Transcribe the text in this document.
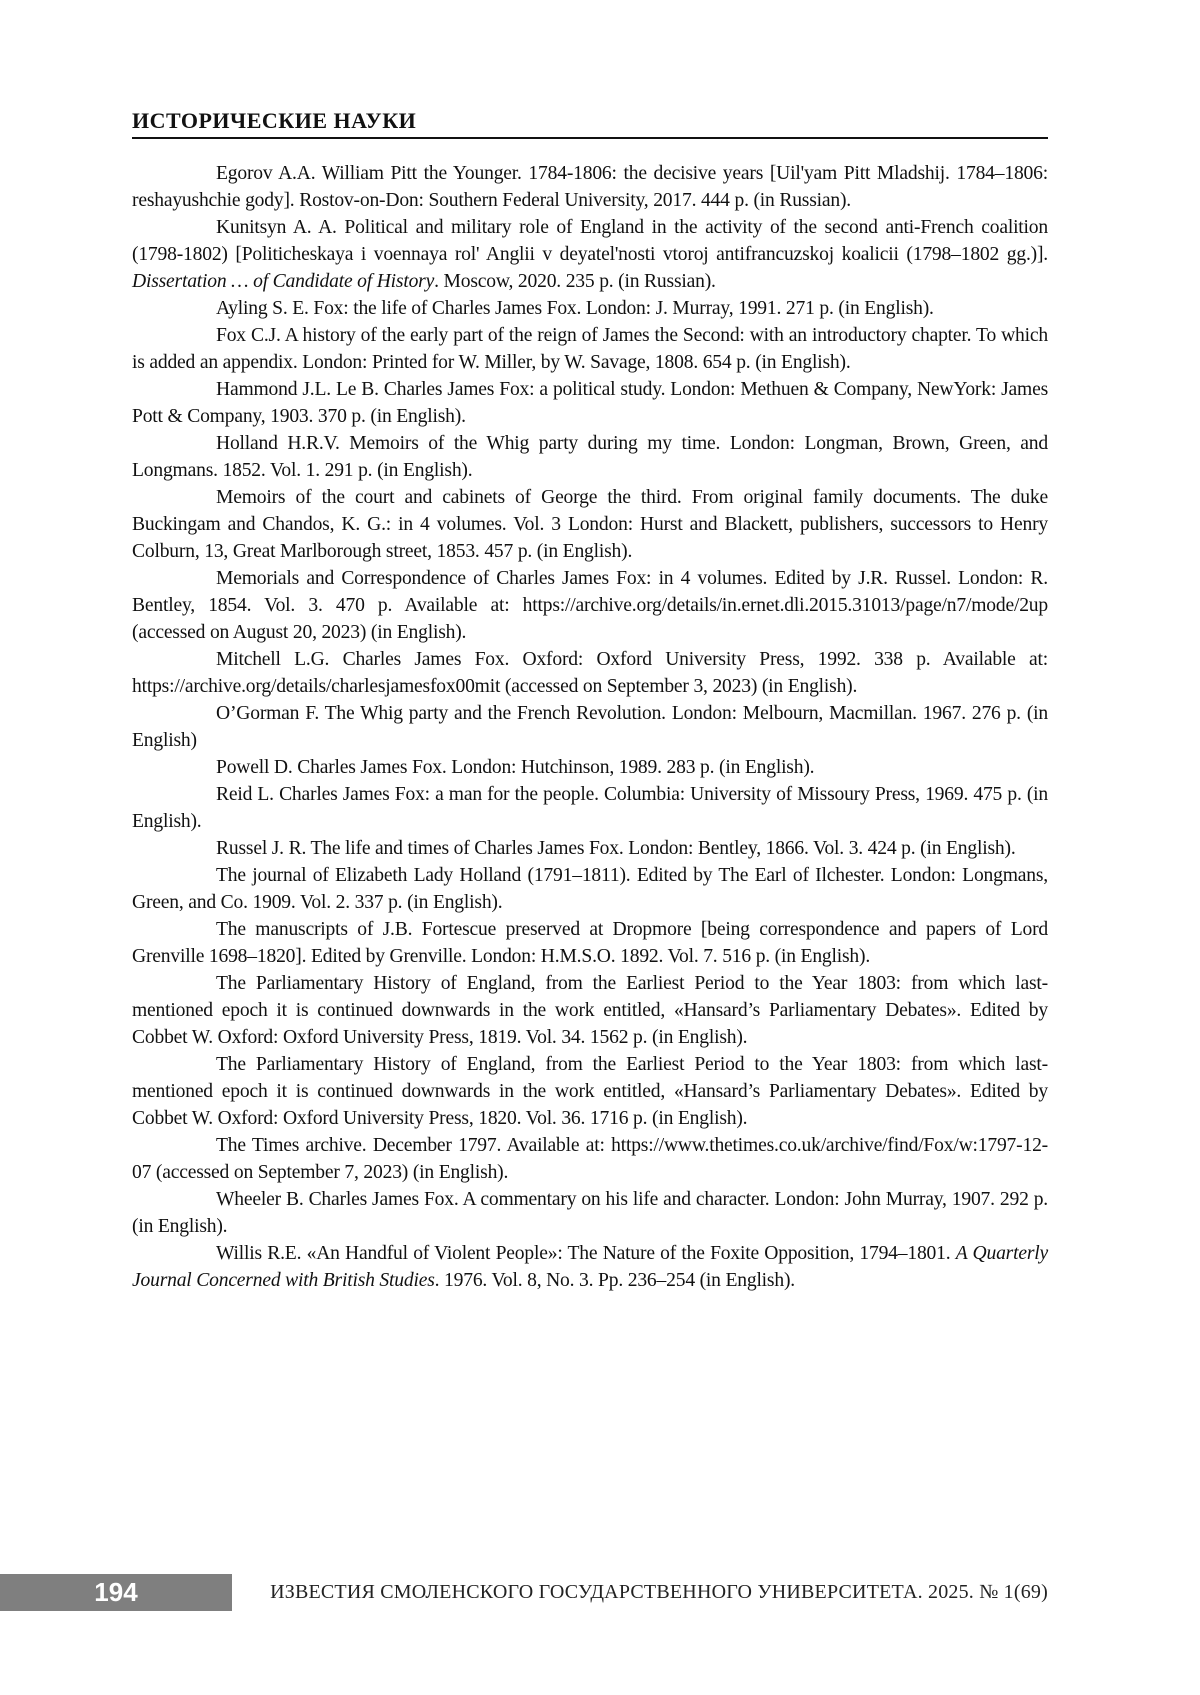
ИСТОРИЧЕСКИЕ НАУКИ

Egorov A.A. William Pitt the Younger. 1784-1806: the decisive years [Uil'yam Pitt Mladshij. 1784–1806: reshayushchie gody]. Rostov-on-Don: Southern Federal University, 2017. 444 p. (in Russian).

Kunitsyn A. A. Political and military role of England in the activity of the second anti-French coalition (1798-1802) [Politicheskaya i voennaya rol' Anglii v deyatel'nosti vtoroj antifrancuzskoj koalicii (1798–1802 gg.)]. Dissertation … of Candidate of History. Moscow, 2020. 235 p. (in Russian).

Ayling S. E. Fox: the life of Charles James Fox. London: J. Murray, 1991. 271 p. (in English).

Fox C.J. A history of the early part of the reign of James the Second: with an introductory chapter. To which is added an appendix. London: Printed for W. Miller, by W. Savage, 1808. 654 p. (in English).

Hammond J.L. Le B. Charles James Fox: a political study. London: Methuen & Company, NewYork: James Pott & Company, 1903. 370 p. (in English).

Holland H.R.V. Memoirs of the Whig party during my time. London: Longman, Brown, Green, and Longmans. 1852. Vol. 1. 291 p. (in English).

Memoirs of the court and cabinets of George the third. From original family documents. The duke Buckingam and Chandos, K. G.: in 4 volumes. Vol. 3 London: Hurst and Blackett, publishers, successors to Henry Colburn, 13, Great Marlborough street, 1853. 457 p. (in English).

Memorials and Correspondence of Charles James Fox: in 4 volumes. Edited by J.R. Russel. London: R. Bentley, 1854. Vol. 3. 470 p. Available at: https://archive.org/details/in.ernet.dli.2015.31013/page/n7/mode/2up (accessed on August 20, 2023) (in English).

Mitchell L.G. Charles James Fox. Oxford: Oxford University Press, 1992. 338 p. Available at: https://archive.org/details/charlesjamesfox00mit (accessed on September 3, 2023) (in English).

O’Gorman F. The Whig party and the French Revolution. London: Melbourn, Macmillan. 1967. 276 p. (in English)

Powell D. Charles James Fox. London: Hutchinson, 1989. 283 p. (in English).

Reid L. Charles James Fox: a man for the people. Columbia: University of Missoury Press, 1969. 475 p. (in English).

Russel J. R. The life and times of Charles James Fox. London: Bentley, 1866. Vol. 3. 424 p. (in English).

The journal of Elizabeth Lady Holland (1791–1811). Edited by The Earl of Ilchester. London: Longmans, Green, and Co. 1909. Vol. 2. 337 p. (in English).

The manuscripts of J.B. Fortescue preserved at Dropmore [being correspondence and papers of Lord Grenville 1698–1820]. Edited by Grenville. London: H.M.S.O. 1892. Vol. 7. 516 p. (in English).

The Parliamentary History of England, from the Earliest Period to the Year 1803: from which last-mentioned epoch it is continued downwards in the work entitled, «Hansard’s Parliamentary Debates». Edited by Cobbet W. Oxford: Oxford University Press, 1819. Vol. 34. 1562 p. (in English).

The Parliamentary History of England, from the Earliest Period to the Year 1803: from which last-mentioned epoch it is continued downwards in the work entitled, «Hansard’s Parliamentary Debates». Edited by Cobbet W. Oxford: Oxford University Press, 1820. Vol. 36. 1716 p. (in English).

The Times archive. December 1797. Available at: https://www.thetimes.co.uk/archive/find/Fox/w:1797-12-07 (accessed on September 7, 2023) (in English).

Wheeler B. Charles James Fox. A commentary on his life and character. London: John Murray, 1907. 292 p. (in English).

Willis R.E. «An Handful of Violent People»: The Nature of the Foxite Opposition, 1794–1801. A Quarterly Journal Concerned with British Studies. 1976. Vol. 8, No. 3. Pp. 236–254 (in English).

194	ИЗВЕСТИЯ СМОЛЕНСКОГО ГОСУДАРСТВЕННОГО УНИВЕРСИТЕТА. 2025. № 1(69)
